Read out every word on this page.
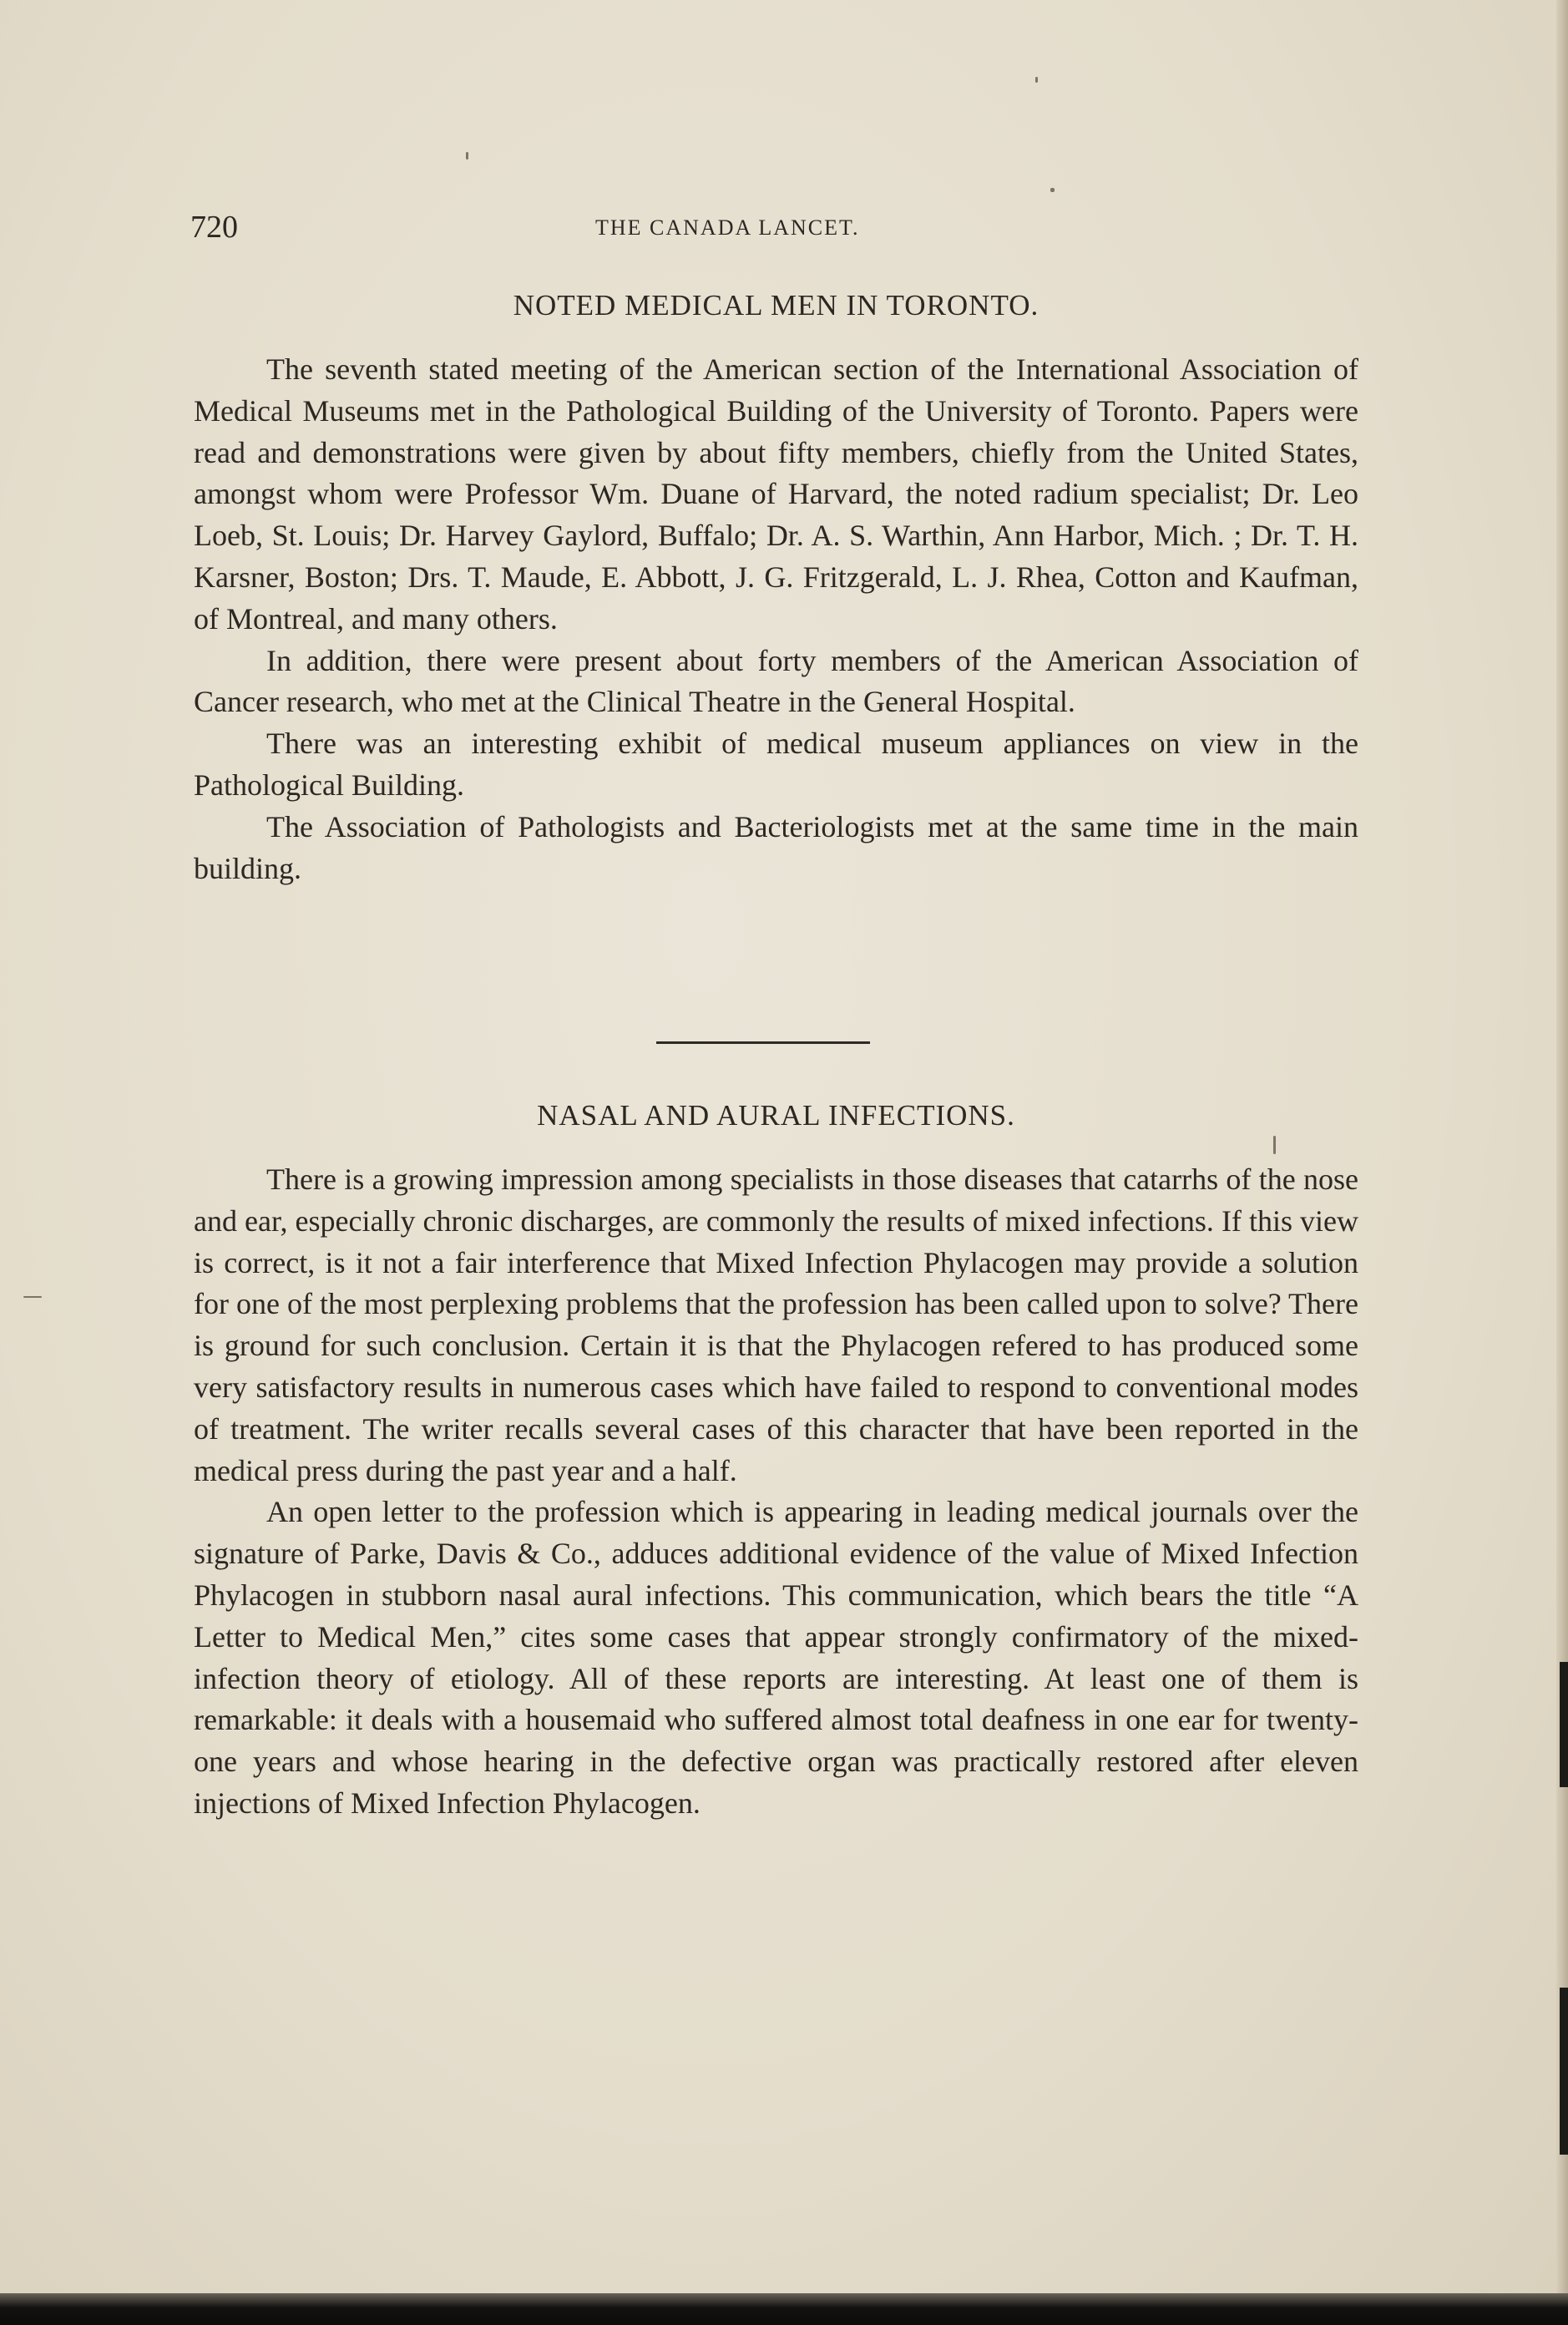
720	THE CANADA LANCET.
NOTED MEDICAL MEN IN TORONTO.

The seventh stated meeting of the American section of the International Association of Medical Museums met in the Pathological Building of the University of Toronto. Papers were read and demonstrations were given by about fifty members, chiefly from the United States, amongst whom were Professor Wm. Duane of Harvard, the noted radium specialist; Dr. Leo Loeb, St. Louis; Dr. Harvey Gaylord, Buffalo; Dr. A. S. Warthin, Ann Harbor, Mich. ; Dr. T. H. Karsner, Boston; Drs. T. Maude, E. Abbott, J. G. Fritzgerald, L. J. Rhea, Cotton and Kaufman, of Montreal, and many others.

In addition, there were present about forty members of the American Association of Cancer research, who met at the Clinical Theatre in the General Hospital.

There was an interesting exhibit of medical museum appliances on view in the Pathological Building.

The Association of Pathologists and Bacteriologists met at the same time in the main building.

NASAL AND AURAL INFECTIONS.

There is a growing impression among specialists in those diseases that catarrhs of the nose and ear, especially chronic discharges, are commonly the results of mixed infections. If this view is correct, is it not a fair interference that Mixed Infection Phylacogen may provide a solution for one of the most perplexing problems that the profession has been called upon to solve? There is ground for such conclusion. Certain it is that the Phylacogen refered to has produced some very satisfactory results in numerous cases which have failed to respond to conventional modes of treatment. The writer recalls several cases of this character that have been reported in the medical press during the past year and a half.

An open letter to the profession which is appearing in leading medical journals over the signature of Parke, Davis & Co., adduces additional evidence of the value of Mixed Infection Phylacogen in stubborn nasal aural infections. This communication, which bears the title “A Letter to Medical Men,” cites some cases that appear strongly confirmatory of the mixed-infection theory of etiology. All of these reports are interesting. At least one of them is remarkable: it deals with a housemaid who suffered almost total deafness in one ear for twenty-one years and whose hearing in the defective organ was practically restored after eleven injections of Mixed Infection Phylacogen.
